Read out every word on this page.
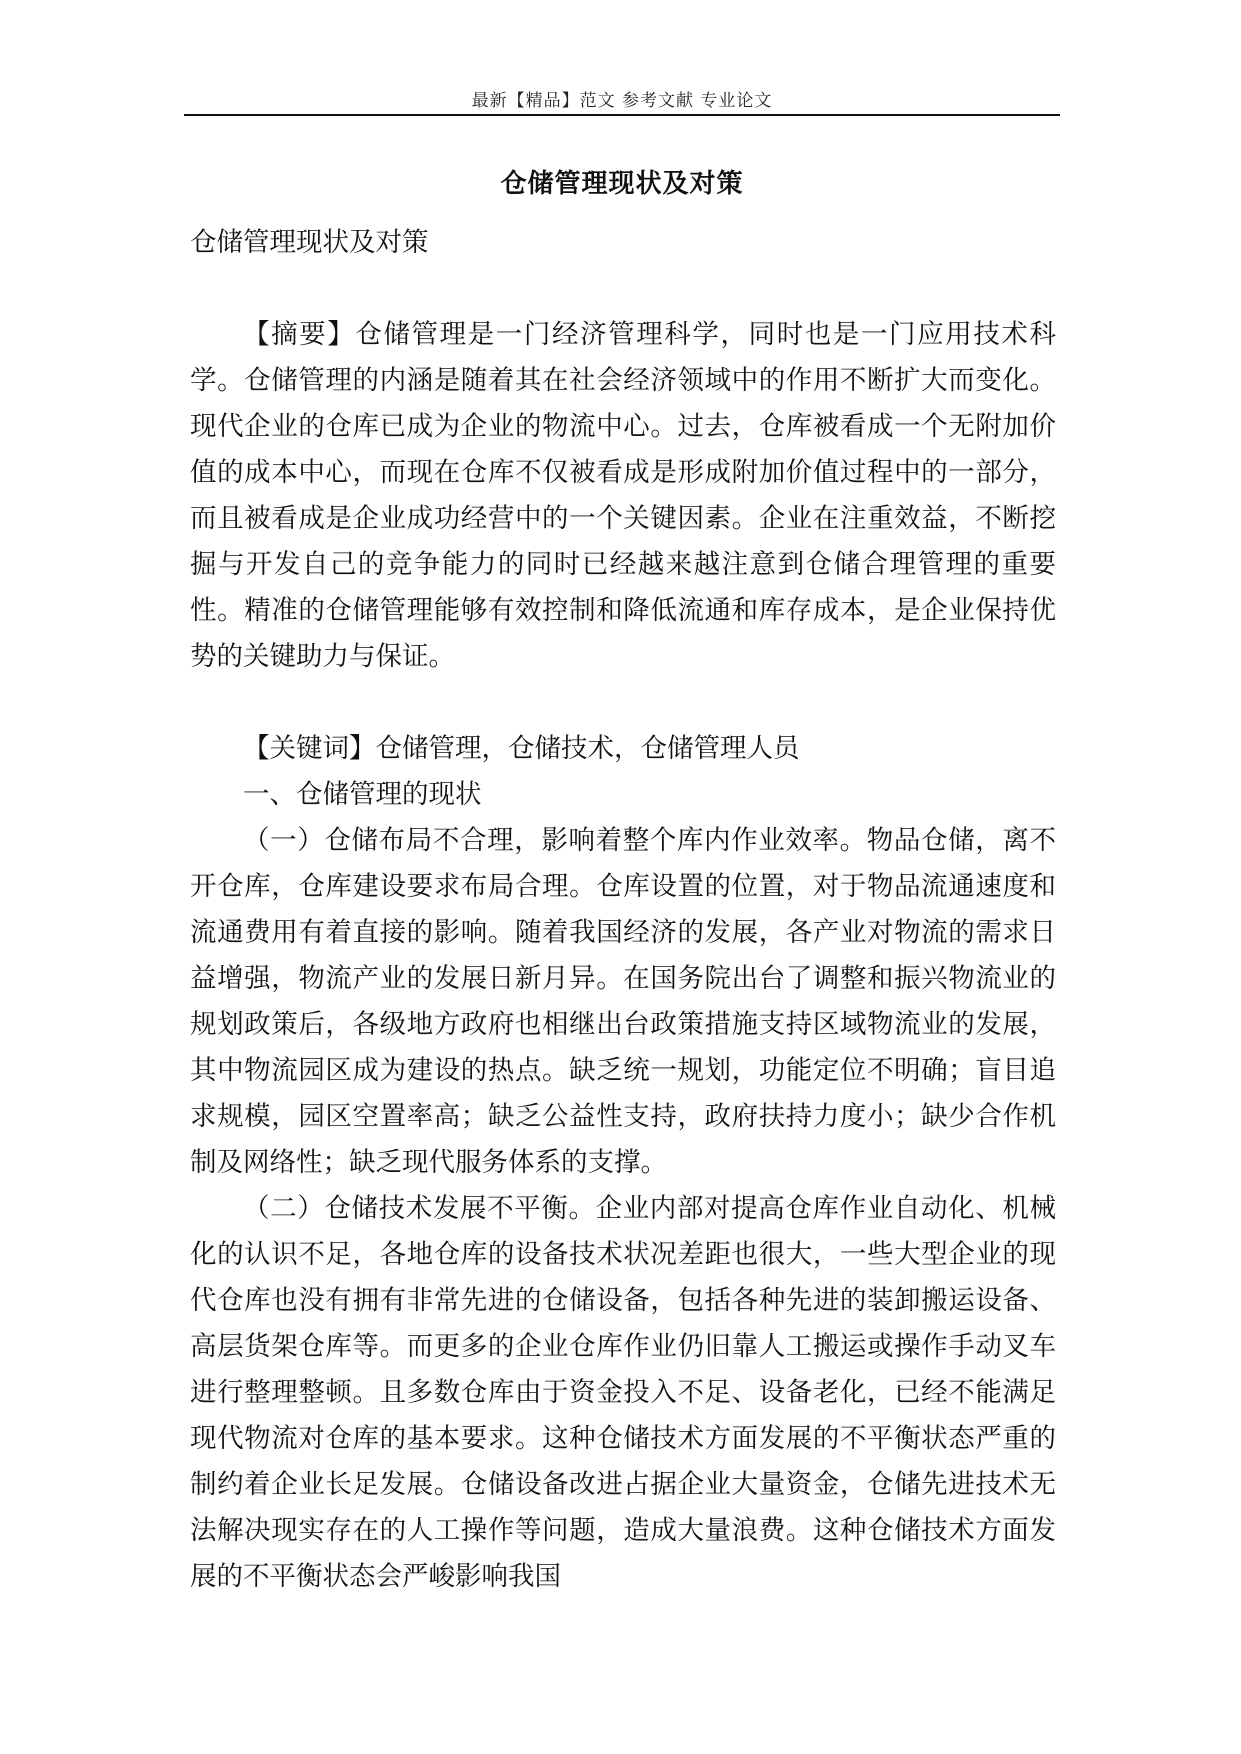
最新【精品】范文 参考文献 专业论文
仓储管理现状及对策

仓储管理现状及对策

【摘要】仓储管理是一门经济管理科学，同时也是一门应用技术科学。仓储管理的内涵是随着其在社会经济领域中的作用不断扩大而变化。现代企业的仓库已成为企业的物流中心。过去，仓库被看成一个无附加价值的成本中心，而现在仓库不仅被看成是形成附加价值过程中的一部分，而且被看成是企业成功经营中的一个关键因素。企业在注重效益，不断挖掘与开发自己的竞争能力的同时已经越来越注意到仓储合理管理的重要性。精准的仓储管理能够有效控制和降低流通和库存成本，是企业保持优势的关键助力与保证。

【关键词】仓储管理，仓储技术，仓储管理人员

一、仓储管理的现状

（一）仓储布局不合理，影响着整个库内作业效率。物品仓储，离不开仓库，仓库建设要求布局合理。仓库设置的位置，对于物品流通速度和流通费用有着直接的影响。随着我国经济的发展，各产业对物流的需求日益增强，物流产业的发展日新月异。在国务院出台了调整和振兴物流业的规划政策后，各级地方政府也相继出台政策措施支持区域物流业的发展，其中物流园区成为建设的热点。缺乏统一规划，功能定位不明确；盲目追求规模，园区空置率高；缺乏公益性支持，政府扶持力度小；缺少合作机制及网络性；缺乏现代服务体系的支撑。

（二）仓储技术发展不平衡。企业内部对提高仓库作业自动化、机械化的认识不足，各地仓库的设备技术状况差距也很大，一些大型企业的现代仓库也没有拥有非常先进的仓储设备，包括各种先进的装卸搬运设备、高层货架仓库等。而更多的企业仓库作业仍旧靠人工搬运或操作手动叉车进行整理整顿。且多数仓库由于资金投入不足、设备老化，已经不能满足现代物流对仓库的基本要求。这种仓储技术方面发展的不平衡状态严重的制约着企业长足发展。仓储设备改进占据企业大量资金，仓储先进技术无法解决现实存在的人工操作等问题，造成大量浪费。这种仓储技术方面发展的不平衡状态会严峻影响我国
